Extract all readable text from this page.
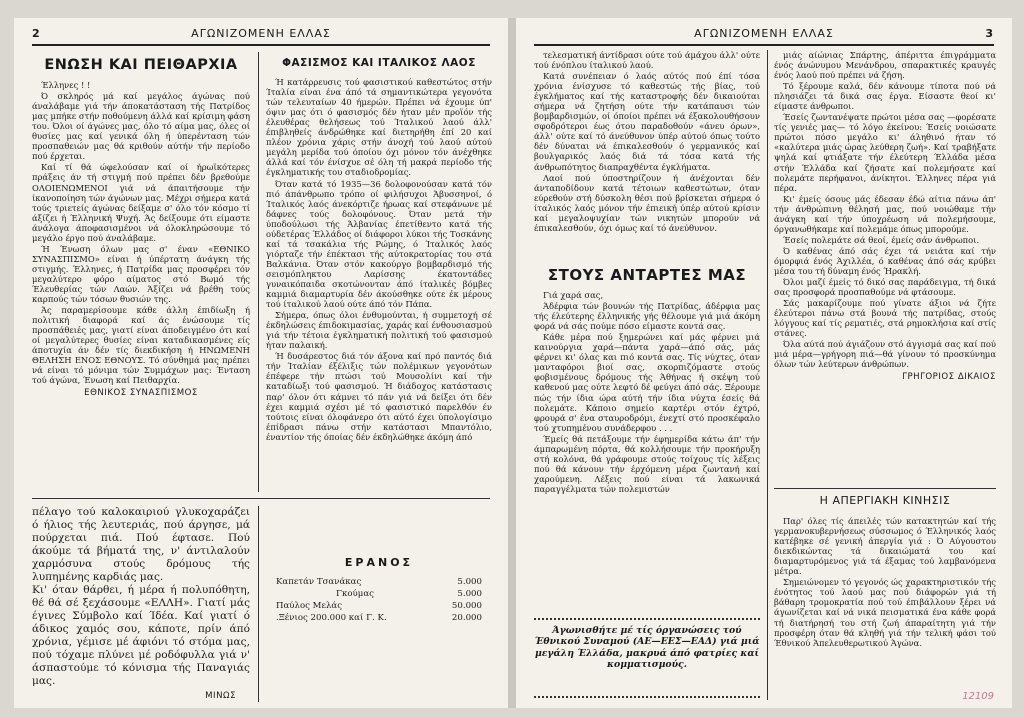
2	ΑΓΩΝΙΖΟΜΕΝΗ ΕΛΛΑΣ
ΕΝΩΣΗ ΚΑΙ ΠΕΙΘΑΡΧΙΑ

Έλληνες ! !

Ό σκληρός μά καί μεγάλος άγώνας πού άναλάβαμε γιά τήν άποκατάσταση τής Πατρίδος μας μπήκε στήν ποθούμενη άλλά καί κρίσιμη φάση του. Όλοι οί άγώνες μας, όλο τό αίμα μας, όλες οί θυσίες μας καί γενικά όλη ή ύπερένταση τών προσπαθειών μας θά κριθούν αύτήν τήν περίοδο πού έρχεται.

Καί τί θά ώφελούσαν καί οί ήρωϊκότερες πράξεις άν τή στιγμή πού πρέπει δέν βρεθούμε ΟΛΟΙΕΝΩΜΕΝΟΙ γιά νά άπαιτήσουμε τήν ίκανοποίηση τών άγώνων μας. Μέχρι σήμερα κατά τούς τριετείς άγώνας δείξαμε σ' όλο τόν κόσμο τί άξίζει ή Έλληνική Ψυχή. Άς δείξουμε ότι είμαστε άνάλογα άποφασισμένοι νά όλοκληρώσουμε τό μεγάλο έργο πού άναλάβαμε.

Ή Ένωση όλων μας σ' έναν «ΕΘΝΙΚΟ ΣΥΝΑΣΠΙΣΜΟ» είναι ή ύπέρτατη άνάγκη τής στιγμής. Έλληνες, ή Πατρίδα μας προσφέρει τόν μεγαλύτερο φόρο αίματος στό Βωμό τής Έλευθερίας τών Λαών. Άξίζει νά βρέθη τούς καρπούς τών τόσων θυσιών της.

Άς παραμερίσουμε κάθε άλλη έπιδίωξη ή πολιτική διαφορά καί άς ένώσουμε τίς προσπάθειές μας, γιατί είναι άποδειγμένο ότι καί οί μεγαλύτερες θυσίες είναι καταδικασμένες είς άποτυχία άν δέν τίς διεκδικήση ή ΗΝΩΜΕΝΗ ΘΕΛΗΣΗ ΕΝΟΣ ΕΘΝΟΥΣ. Τό σύνθημά μας πρέπει νά είναι τό μόνιμα τών Συμμάχων μας: Ένταση τού άγώνα, Ένωση καί Πειθαρχία.

ΕΘΝΙΚΟΣ ΣΥΝΑΣΠΙΣΜΟΣ
ΦΑΣΙΣΜΟΣ ΚΑΙ ΙΤΑΛΙΚΟΣ ΛΑΟΣ

Ή κατάρρευσις τού φασιστικού καθεστώτος στήν Ίταλία είναι ένα άπό τά σημαντικώτερα γεγονότα τών τελευταίων 40 ήμερών. Πρέπει νά έχουμε ύπ' όψιν μας ότι ό φασισμός δέν ήταν μέν προϊόν τής έλευθέρας θελήσεως τού Ίταλικού λαού άλλ' έπιβληθείς άνδρώθηκε καί διετηρήθη έπί 20 καί πλέον χρόνια χάρις στήν άνοχή τού λαού αύτού μεγάλη μερίδα τού όποίου όχι μόνον τόν άνέχθηκε άλλά καί τόν ένίσχυε σέ όλη τή μακρά περίοδο τής έγκληματικής του σταδιοδρομίας.

Όταν κατά τό 1935—36 δολοφονούσαν κατά τόν πιό άπάνθρωπο τρόπο οί φιλήσυχοι Άβυσσηνοί, ό Ίταλικός λαός άνεκόρτιζε ήρωας καί στεφάνωνε μέ δάφνες τούς δολοφόνους. Όταν μετά τήν ύποδούλωσι τής Άλβανίας έπετίθεντο κατά τής ούδετέρας Έλλάδος οί διάφοροι λύκοι τής Τοσκάνης καί τά τσακάλια τής Ρώμης, ό Ίταλικός λαός γιόρταζε τήν έπέκτασι τής αύτοκρατορίας του στά Βαλκάνια. Όταν στόν κακούργο βομβαρδισμό τής σεισμόπληκτου Λαρίσσης έκατοντάδες γυναικόπαιδα σκοτώνονταν άπό ίταλικές βόμβες καμμιά διαμαρτυρία δέν άκούσθηκε ούτε έκ μέρους τού ίταλικού λαού ούτε άπό τόν Πάπα.

Σήμερα, όπως όλοι ένθυμούνται, ή συμμετοχή σέ έκδηλώσεις έπιδοκιμασίας, χαράς καί ένθουσιασμού γιά τήν τέτοια έγκληματική πολιτική τού φασισμού ήταν παλαική.

Ή δυσάρεστος διά τόν άξονα καί πρό παντός διά τήν Ίταλίαν έξέλιξις τών πολέμικων γεγονότων έπέφερε τήν πτώσι τού Μουσολίνι καί τήν καταδίωξι τού φασισμού. Ή διάδοχος κατάστασις παρ' όλον ότι κάμνει τό πάν γιά νά δείξει ότι δέν έχει καμμιά σχέσι μέ τό φασιστικό παρελθόν έν τούτοις είναι όλοφάνερο ότι αύτό έχει ύπολογίσιμο έπίδρασι πάνω στήν κατάστασι Μπαντόλιο, έναντίον τής όποίας δέν έκδηλώθηκε άκόμη άπό

πέλαγο τού καλοκαιριού γλυκοχαράζει ό ήλιος τής λευτεριάς, πού άργησε, μά πούρχεται πιά. Πού έφτασε. Πού άκούμε τά βήματά της, ν' άντιλαλούν χαρμόσυνα στούς δρόμους τής λυπημένης καρδιάς μας.

Κι' όταν θάρθει, ή μέρα ή πολυπόθητη, θέ θά σέ ξεχάσουμε «ΕΛΛΗ». Γιατί μάς έγινες Σύμβολο καί Ίδέα. Καί γιατί ό άδικος χαμός σου, κάποτε, πρίν άπό χρόνια, γέμισε μέ άφιόνι τό στόμα μας, πού τόχαμε πλύνει μέ ροδόφυλλα γιά ν' άσπαστούμε τό κόνισμα τής Παναγιάς μας.

ΜΙΝΩΣ
ΕΡΑΝΟΣ
Καπετάν Τσανάκας	5.000
Γκούμας	5.000
Παύλος Μελάς	50.000
.Ξένιος 200.000 καί Γ. Κ.	20.000
ΑΓΩΝΙΖΟΜΕΝΗ ΕΛΛΑΣ	3

τελεσματική άντίδρασι ούτε τού άμάχου άλλ' ούτε τού ένόπλου ίταλικού λαού.

Κατά συνέπειαν ό λαός αύτός πού έπί τόσα χρόνια ένίσχυσε τό καθεστώς τής βίας, τού έγκλήματος καί τής καταστροφής δέν δικαιούται σήμερα νά ζητήση ούτε τήν κατάπαυσι τών βομβαρδισμών, οί όποίοι πρέπει νά έξακολουθήσουν σφοδρότεροι έως ότου παραδοθούν «άνευ όρων», άλλ' ούτε καί τό άνεύθυνον ύπέρ αύτού όπως τούτο δέν δύναται νά έπικαλεσθούν ό γερμανικός καί βουλγαρικός λαός διά τά τόσα κατά τής άνθρωπότητος διαπραχθέντα έγκλήματα.

Λαοί πού ύποστηρίζουν ή άνέχονται δέν άνταποδίδουν κατά τέτοιων καθεστώτων, όταν εύρεθούν στή δύσκολη θέσι πού βρίσκεται σήμερα ό ίταλικός λαός μόνον τήν έπιεική ύπέρ αύτού κρίσιν καί μεγαλοψυχίαν τών νικητών μπορούν νά έπικαλεσθούν, όχι όμως καί τό άνεύθυνον.

ΣΤΟΥΣ ΑΝΤΑΡΤΕΣ ΜΑΣ

Γιά χαρά σας,

Άδέρφια τών βουνών τής Πατρίδας, άδέρφια μας τής έλεύτερης έλληνικής γής θέλουμε γιά μιά άκόμη φορά νά σάς πούμε πόσο είμαστε κοντά σας.

Κάθε μέρα πού ξημερώνει καί μάς φέρνει μιά καινούργια χαρά—πάντα χαρά—άπό σάς, μάς φέρνει κι' όλας και πιό κοντά σας. Τίς νύχτες, όταν μανταφόροι βιοί σας, σκορπιζόμαστε στούς φοβισμένους δρόμους τής Άθήνας ή σκέψη τού καθενού μας ούτε λεφτό δέ φεύγει άπό σάς. Ξέρουμε πώς τήν ίδια ώρα αύτή τήν ίδια νύχτα έσείς θά πολεμάτε. Κάποιο σημείο καρτέρι στόν έχτρό, φρουρά σ' ένα σταυροδρόμι, ένεχτί στό προσκέφαλο τού χτυπημένου συνάδερφου . . .

Έμείς θά πετάξουμε τήν έφημερίδα κάτω άπ' τήν άμπαρωμένη πόρτα, θά κολλήσουμε τήν προκήρυξη στή κολόνα, θά γράφουμε στούς τοίχους τίς λέξεις πού θά κάνουν τήν έρχόμενη μέρα ζωντανή καί χαρούμενη. Λέξεις πού είναι τά λακωνικά παραγγέλματα τών πολεμιστών

Άγωνισθήτε μέ τίς όργανώσεις τού Έθνικού Συναμού (ΑΕ—ΕΕΣ—ΕΑΔ) γιά μιά μεγάλη Έλλάδα, μακρυά άπό φατρίες καί κομματισμούς.

μιάς αίώνιας Σπάρτης, άπέριττα έπιγράμματα ένός άνώνυμου Μενάνδρου, σπαρακτικές κραυγές ένός λαού πού πρέπει νά ζήση.

Τό ξέρουμε καλά, δέν κάνουμε τίποτα πού νά πλησιάζει τά δικά σας έργα. Είσαστε θεοί κι' είμαστε άνθρωποι.

Έσείς ζωντανέψατε πρώτοι μέσα σας —φορέσατε τίς γενιές μας— τό λόγο έκείνου: Έσείς νοιώσατε πρώτοι πόσο μεγάλο κι' άληθινό ήταν τό «καλύτερα μιάς ώρας λεύθερη ζωή». Καί τραβήξατε ψηλά καί φτιάξατε τήν έλεύτερη Έλλάδα μέσα στήν Έλλάδα καί ζήσατε καί πολεμήσατε καί πολεμάτε περήφανοι, άνίκητοι. Έλληνες πέρα γιά πέρα.

Κι' έμείς όσους μάς έδεσαν έδώ αίτια πάνω άπ' τήν άνθρώπινη θέλησή μας, πού νοιώθαμε τήν άνάγκη καί τήν ύποχρέωση νά πολεμήσουμε, όργανωθήκαμε καί πολεμάμε όπως μπορούμε.

Έσείς πολεμάτε σά θεοί, έμείς σάν άνθρωποι.

Ό καθένας άπό σάς έχει τά νειάτα καί τήν όμορφιά ένός Άχιλλέα, ό καθένας άπό σάς κρύβει μέσα του τή δύναμη ένός Ήρακλή.

Όλοι μαζί έμείς τό δικό σας παράδειγμα, τή δικά σας προσφορά προσπαθούμε νά φτάσουμε.

Σάς μακαρίζουμε πού γίνατε άξιοι νά ζήτε έλεύτεροι πάνω στά βουνά τής πατρίδας, στούς λόγγους καί τίς ρεματιές, στά ρημοκλήσια καί στίς στάνες.

Όλα αύτά πού άγιάζουν στό άγγισμά σας καί πού μιά μέρα—γρήγορη πιά—θά γίνουν τό προσκύνημα όλων τών λεύτερων άνθρώπων.

ΓΡΗΓΟΡΙΟΣ ΔΙΚΑΙΟΣ
Η ΑΠΕΡΓΙΑΚΗ ΚΙΝΗΣΙΣ

Παρ' όλες τίς άπειλές τών κατακτητών καί τής γερμανοκυβερνήσεως σύσσωμος ό Έλληνικός λαός κατέβηκε σέ γενική άπεργία γιά : Ό Αύγουστου διεκδικώντας τά δικαιώματά του καί διαμαρτυρόμενος γιά τά έξαμας τού λαμβανόμενα μέτρα.

Σημειώνομεν τό γεγονός ώς χαρακτηριστικόν τής ένότητος τού λαού μας πού διάφορών γιά τή βάθαρη τρομοκρατία πού τού έπιβάλλουν ξέρει νά άγωνίζεται καί νά νικά πεισματικά ένα κάθε φορά τή διατήρησή του στή ζωή άπαραίτητη γιά τήν προσφέρη όταν θά κληθή γιά τήν τελική φάσι τού Έθνικού Άπελευθερωτικού Άγώνα.

12109
